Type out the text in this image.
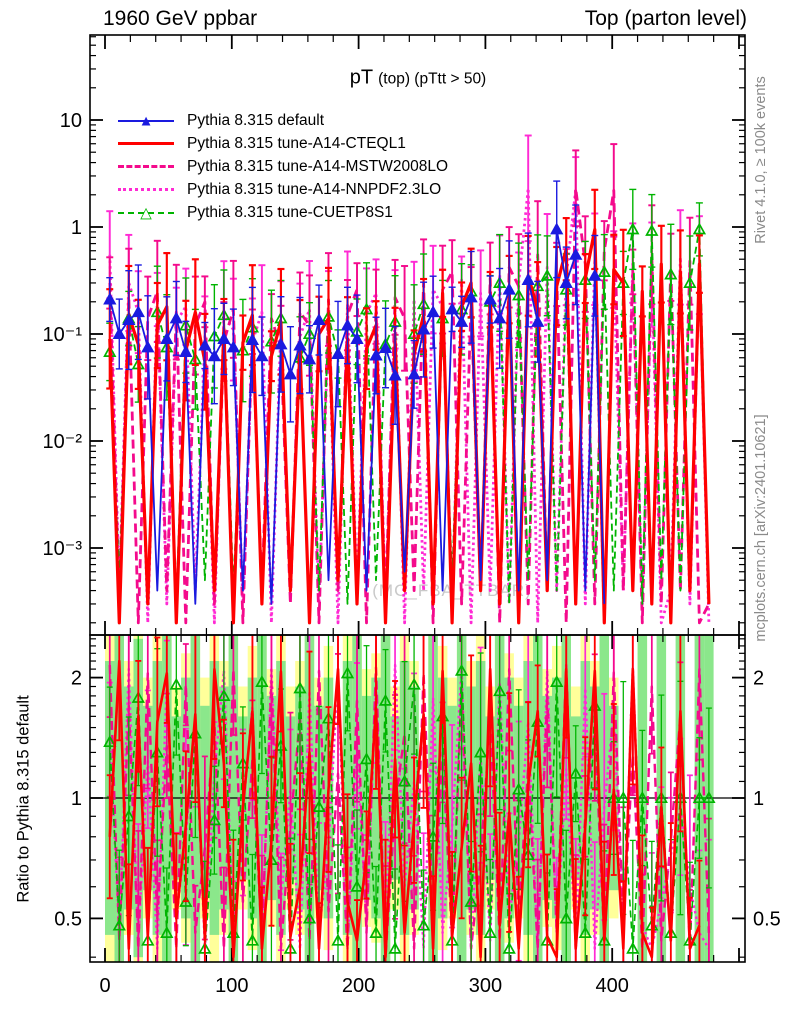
(MC_FBA_TTBAR)
0	100	200	300	400
10
1
10⁻¹
10⁻²
10⁻³
2	2
1	1
0.5	0.5
1960 GeV ppbar	Top (parton level)
pT (top) (pTtt > 50)
▲ Pythia 8.315 default
Pythia 8.315 tune-A14-CTEQL1
Pythia 8.315 tune-A14-MSTW2008LO
Pythia 8.315 tune-A14-NNPDF2.3LO
△ Pythia 8.315 tune-CUETP8S1
Ratio to Pythia 8.315 default
Rivet 4.1.0, ≥ 100k events
mcplots.cern.ch [arXiv:2401.10621]
